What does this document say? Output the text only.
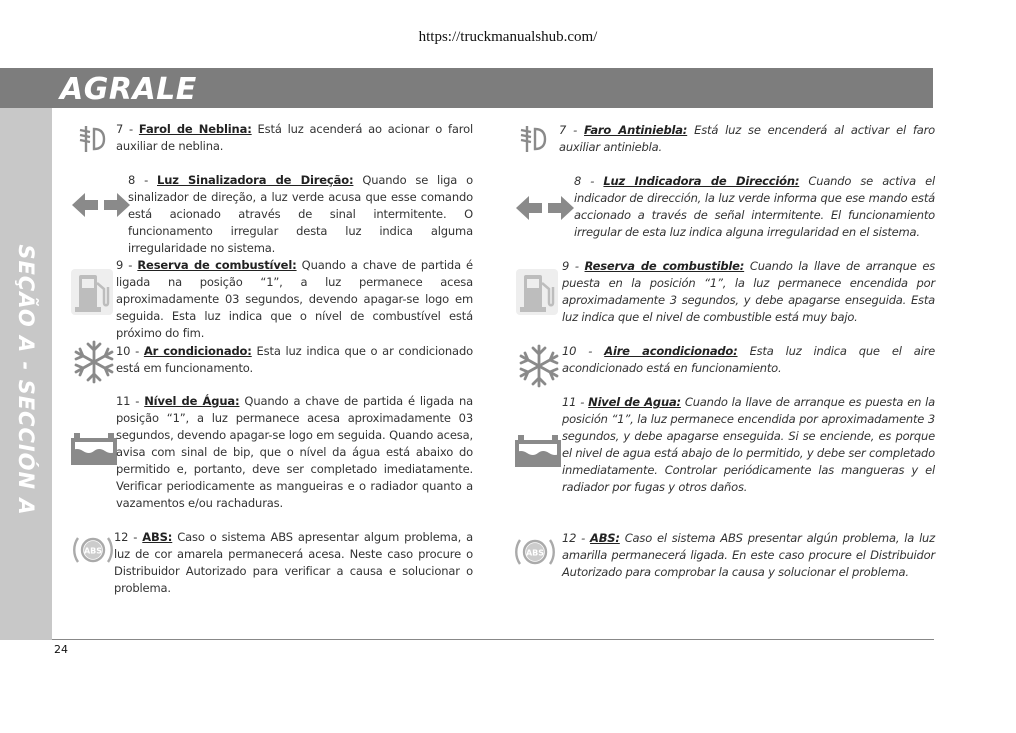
https://truckmanualshub.com/
AGRALE
SEÇÃO A - SECCIÓN A
24
ABS	ABS
7 - Farol de Neblina: Está luz acenderá ao acionar o farol auxiliar de neblina.
8 - Luz Sinalizadora de Direção: Quando se liga o sinalizador de direção, a luz verde acusa que esse comando está acionado através de sinal intermitente. O funcionamento irregular desta luz indica alguma irregularidade no sistema.
9 - Reserva de combustível: Quando a chave de partida é ligada na posição “1”, a luz permanece acesa aproximadamente 03 segundos, devendo apagar-se logo em seguida. Esta luz indica que o nível de combustível está próximo do fim.
10 - Ar condicionado: Esta luz indica que o ar condicionado está em funcionamento.
11 - Nível de Água: Quando a chave de partida é ligada na posição “1”, a luz permanece acesa aproximadamente 03 segundos, devendo apagar-se logo em seguida. Quando acesa, avisa com sinal de bip, que o nível da água está abaixo do permitido e, portanto, deve ser completado imediatamente. Verificar periodicamente as mangueiras e o radiador quanto a vazamentos e/ou rachaduras.
12 - ABS: Caso o sistema ABS apresentar algum problema, a luz de cor amarela permanecerá acesa. Neste caso procure o Distribuidor Autorizado para verificar a causa e solucionar o problema.
7 - Faro Antiniebla: Está luz se encenderá al activar el faro auxiliar antiniebla.
8 - Luz Indicadora de Dirección: Cuando se activa el indicador de dirección, la luz verde informa que ese mando está accionado a través de señal intermitente. El funcionamiento irregular de esta luz indica alguna irregularidad en el sistema.
9 - Reserva de combustible: Cuando la llave de arranque es puesta en la posición “1”, la luz permanece encendida por aproximadamente 3 segundos, y debe apagarse enseguida. Esta luz indica que el nivel de combustible está muy bajo.
10 - Aire acondicionado: Esta luz indica que el aire acondicionado está en funcionamiento.
11 - Nivel de Agua: Cuando la llave de arranque es puesta en la posición “1”, la luz permanece encendida por aproximadamente 3 segundos, y debe apagarse enseguida. Si se enciende, es porque el nivel de agua está abajo de lo permitido, y debe ser completado inmediatamente. Controlar periódicamente las mangueras y el radiador por fugas y otros daños.
12 - ABS: Caso el sistema ABS presentar algún problema, la luz amarilla permanecerá ligada. En este caso procure el Distribuidor Autorizado para comprobar la causa y solucionar el problema.
